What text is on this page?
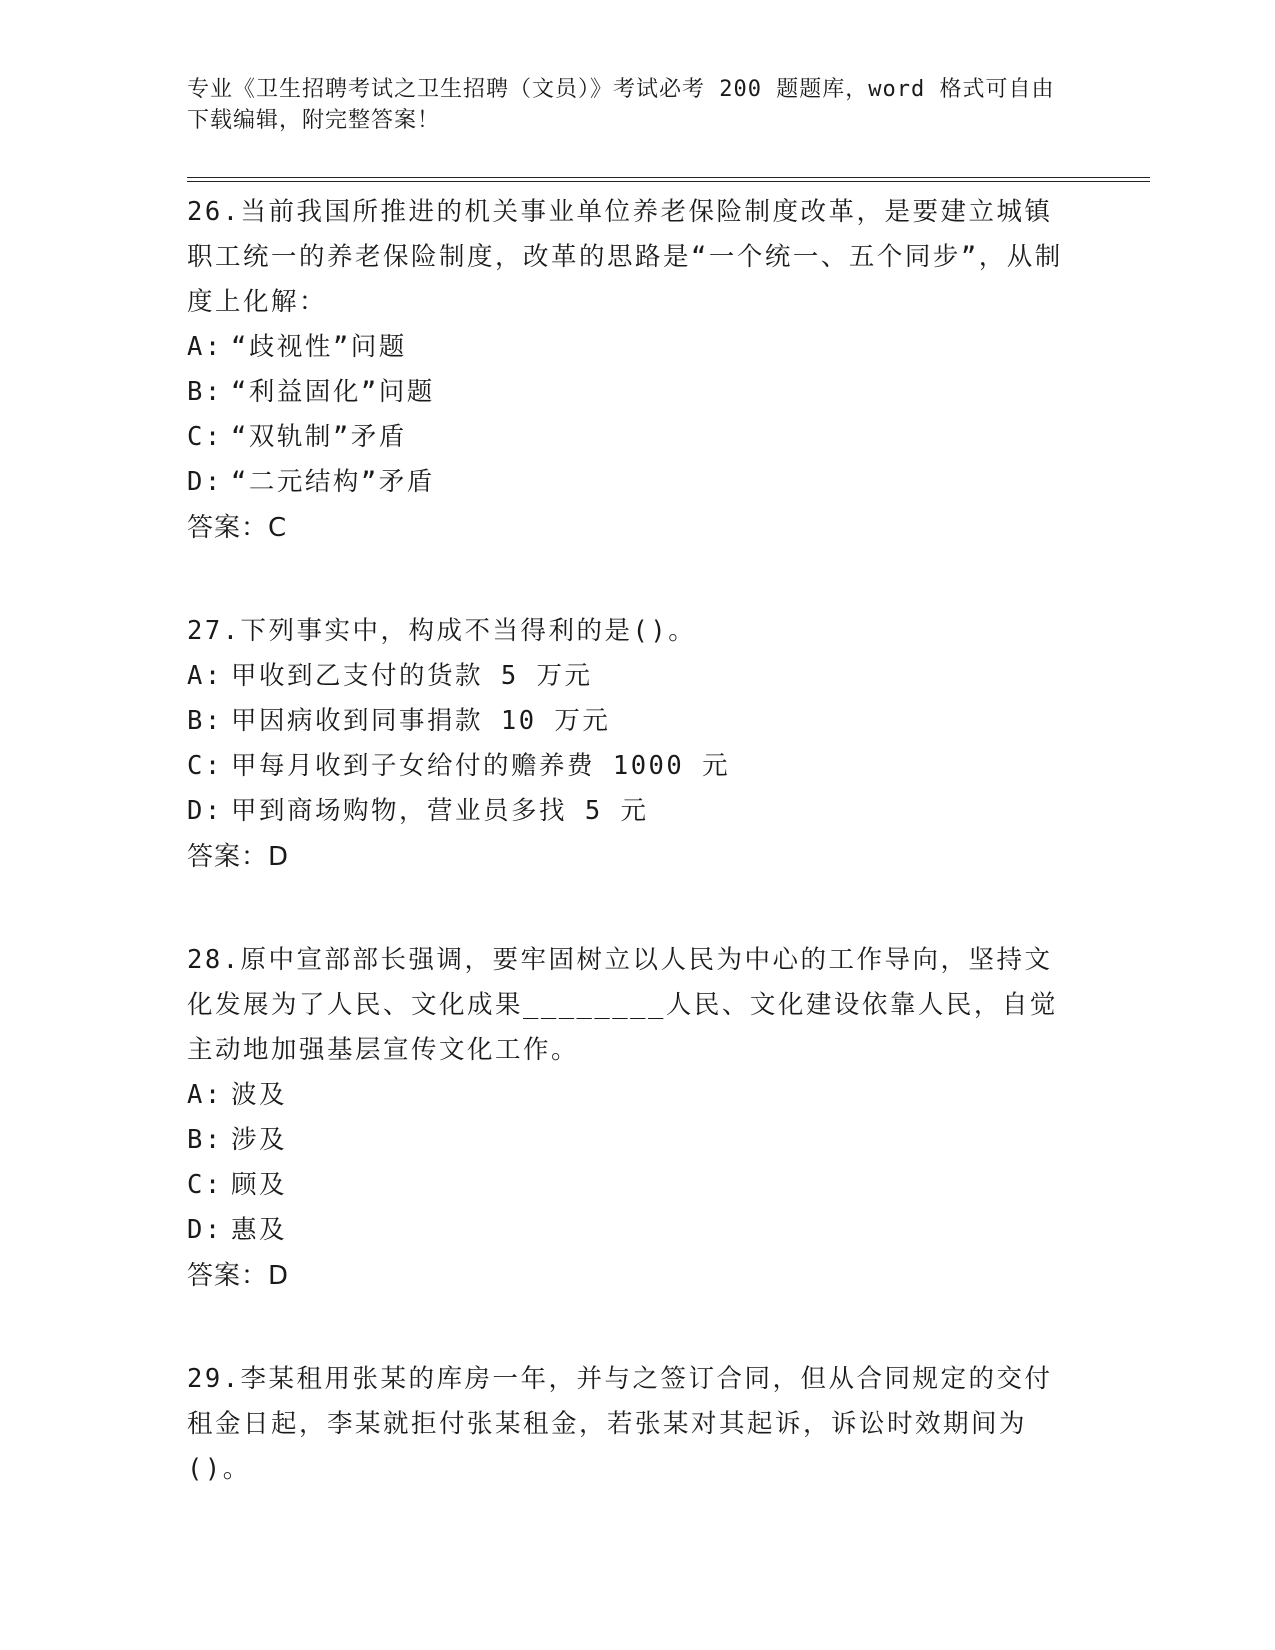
专业《卫生招聘考试之卫生招聘（文员）》考试必考 200 题题库，word 格式可自由下载编辑，附完整答案！

26.当前我国所推进的机关事业单位养老保险制度改革，是要建立城镇职工统一的养老保险制度，改革的思路是“一个统一、五个同步”，从制度上化解：

A: “歧视性”问题
B: “利益固化”问题
C: “双轨制”矛盾
D: “二元结构”矛盾

答案：C

27.下列事实中，构成不当得利的是()。

A: 甲收到乙支付的货款 5 万元
B: 甲因病收到同事捐款 10 万元
C: 甲每月收到子女给付的赡养费 1000 元
D: 甲到商场购物，营业员多找 5 元

答案：D

28.原中宣部部长强调，要牢固树立以人民为中心的工作导向，坚持文化发展为了人民、文化成果________人民、文化建设依靠人民，自觉主动地加强基层宣传文化工作。

A: 波及
B: 涉及
C: 顾及
D: 惠及

答案：D

29.李某租用张某的库房一年，并与之签订合同，但从合同规定的交付租金日起，李某就拒付张某租金，若张某对其起诉，诉讼时效期间为()。
